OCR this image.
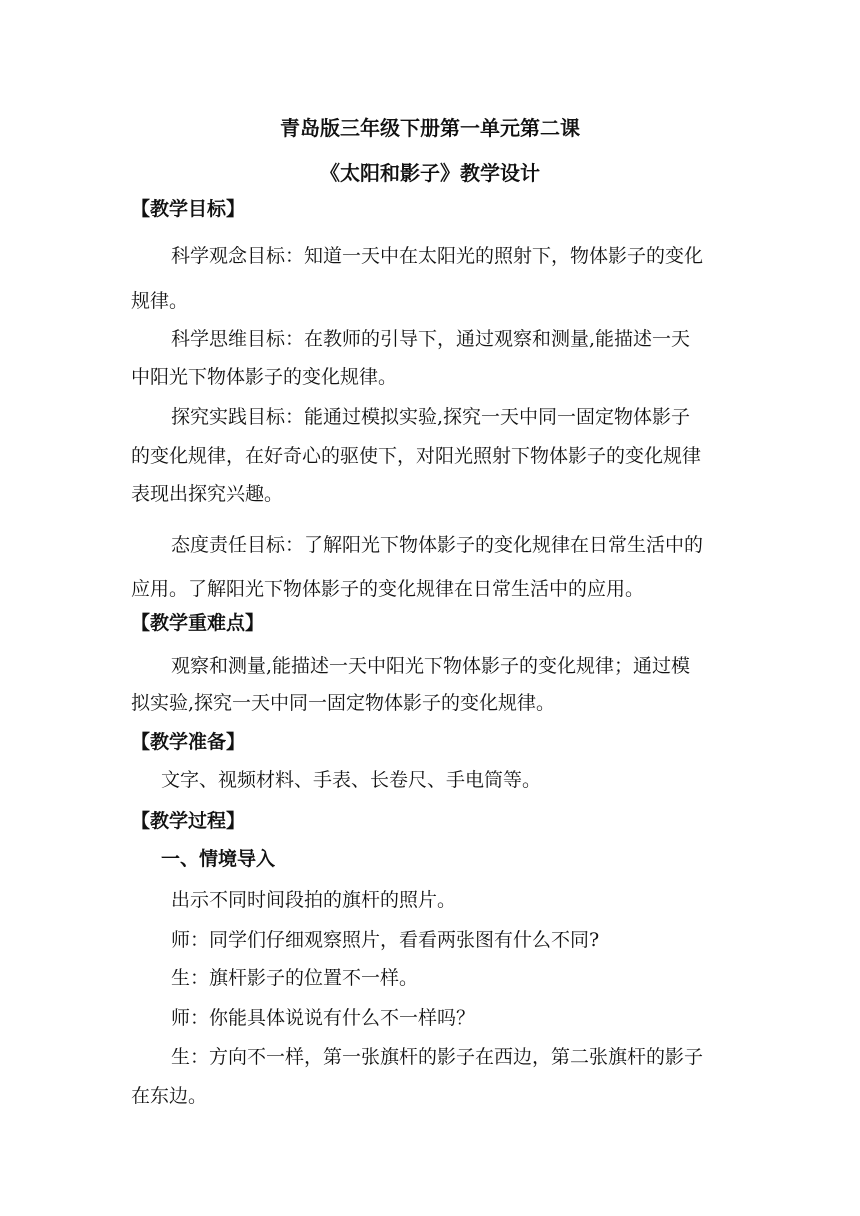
青岛版三年级下册第一单元第二课
《太阳和影子》教学设计
【教学目标】
科学观念目标：知道一天中在太阳光的照射下，物体影子的变化
规律。
科学思维目标：在教师的引导下，通过观察和测量,能描述一天
中阳光下物体影子的变化规律。
探究实践目标：能通过模拟实验,探究一天中同一固定物体影子
的变化规律，在好奇心的驱使下，对阳光照射下物体影子的变化规律
表现出探究兴趣。
态度责任目标：了解阳光下物体影子的变化规律在日常生活中的
应用。了解阳光下物体影子的变化规律在日常生活中的应用。
【教学重难点】
观察和测量,能描述一天中阳光下物体影子的变化规律；通过模
拟实验,探究一天中同一固定物体影子的变化规律。
【教学准备】
文字、视频材料、手表、长卷尺、手电筒等。
【教学过程】
一、情境导入
出示不同时间段拍的旗杆的照片。
师：同学们仔细观察照片，看看两张图有什么不同?
生：旗杆影子的位置不一样。
师：你能具体说说有什么不一样吗？
生：方向不一样，第一张旗杆的影子在西边，第二张旗杆的影子
在东边。
